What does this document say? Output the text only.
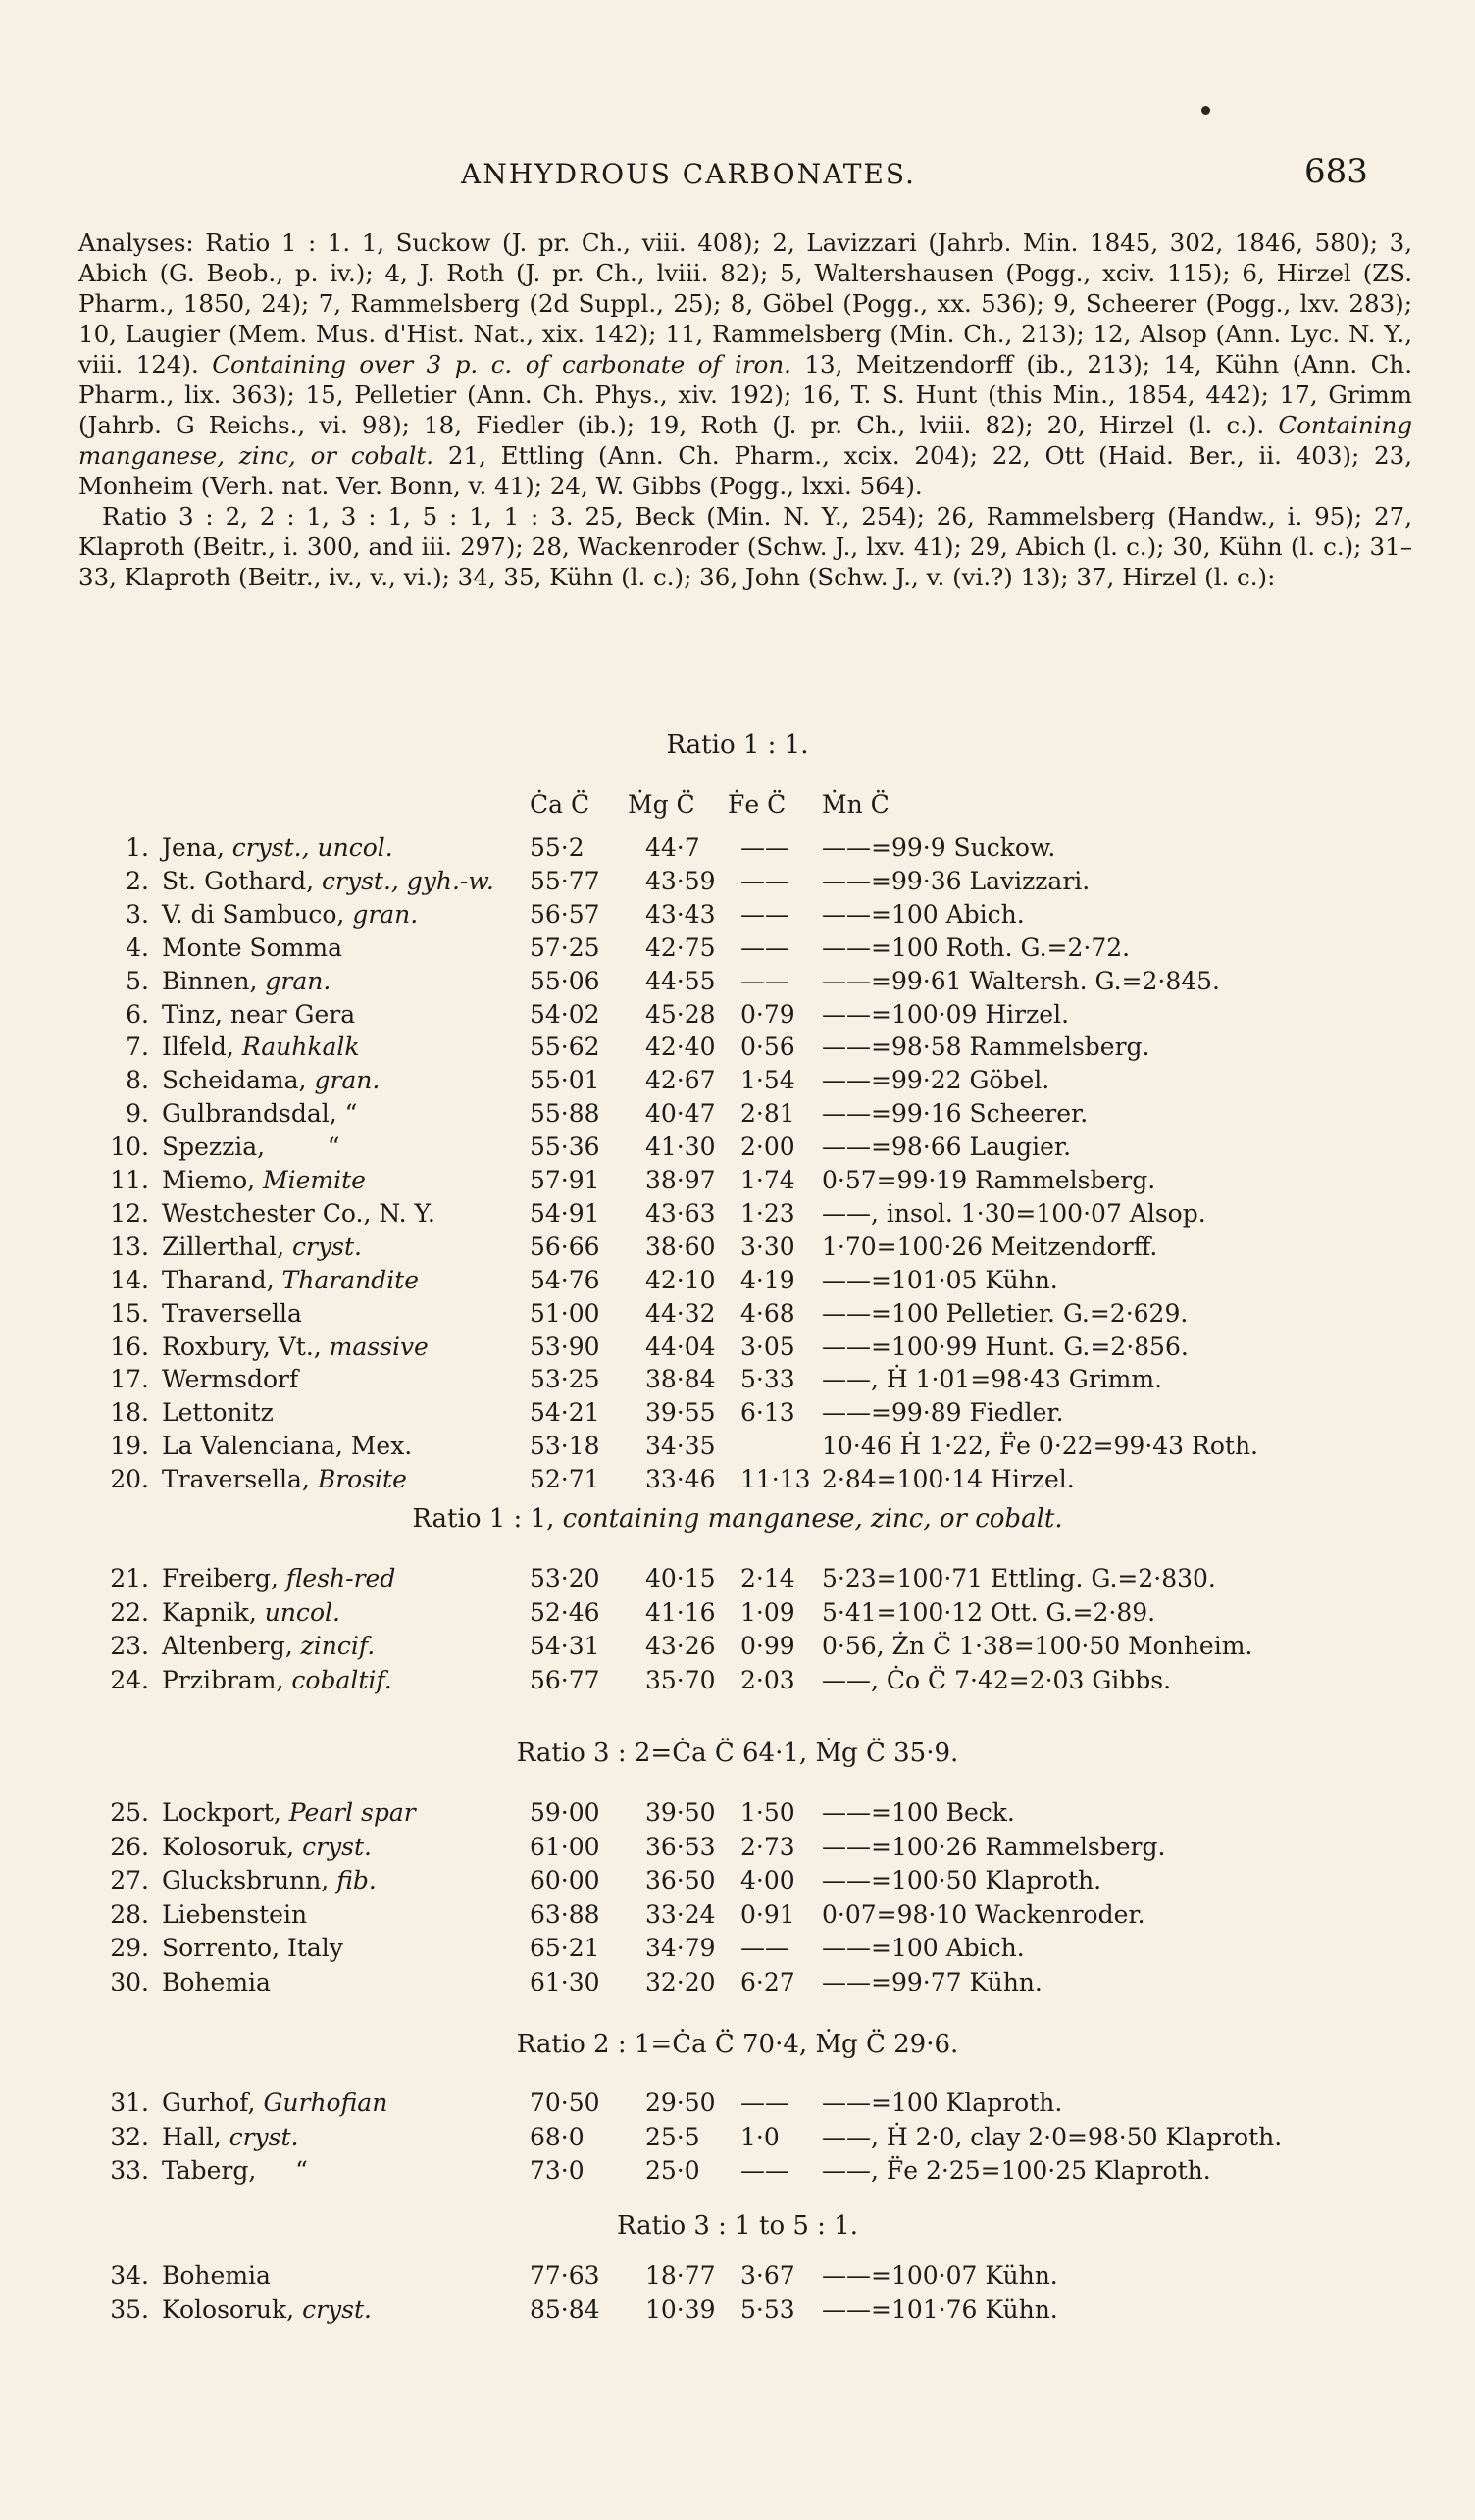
ANHYDROUS CARBONATES.	683

Analyses: Ratio 1 : 1. 1, Suckow (J. pr. Ch., viii. 408); 2, Lavizzari (Jahrb. Min. 1845, 302, 1846, 580); 3, Abich (G. Beob., p. iv.); 4, J. Roth (J. pr. Ch., lviii. 82); 5, Waltershausen (Pogg., xciv. 115); 6, Hirzel (ZS. Pharm., 1850, 24); 7, Rammelsberg (2d Suppl., 25); 8, Göbel (Pogg., xx. 536); 9, Scheerer (Pogg., lxv. 283); 10, Laugier (Mem. Mus. d'Hist. Nat., xix. 142); 11, Rammelsberg (Min. Ch., 213); 12, Alsop (Ann. Lyc. N. Y., viii. 124). Containing over 3 p. c. of carbonate of iron. 13, Meitzendorff (ib., 213); 14, Kühn (Ann. Ch. Pharm., lix. 363); 15, Pelletier (Ann. Ch. Phys., xiv. 192); 16, T. S. Hunt (this Min., 1854, 442); 17, Grimm (Jahrb. G Reichs., vi. 98); 18, Fiedler (ib.); 19, Roth (J. pr. Ch., lviii. 82); 20, Hirzel (l. c.). Containing manganese, zinc, or cobalt. 21, Ettling (Ann. Ch. Pharm., xcix. 204); 22, Ott (Haid. Ber., ii. 403); 23, Monheim (Verh. nat. Ver. Bonn, v. 41); 24, W. Gibbs (Pogg., lxxi. 564).

Ratio 3 : 2, 2 : 1, 3 : 1, 5 : 1, 1 : 3. 25, Beck (Min. N. Y., 254); 26, Rammelsberg (Handw., i. 95); 27, Klaproth (Beitr., i. 300, and iii. 297); 28, Wackenroder (Schw. J., lxv. 41); 29, Abich (l. c.); 30, Kühn (l. c.); 31–33, Klaproth (Beitr., iv., v., vi.); 34, 35, Kühn (l. c.); 36, John (Schw. J., v. (vi.?) 13); 37, Hirzel (l. c.):

Ratio 1 : 1.
Ċa C̈ Ṁg C̈ Ḟe C̈ Ṁn C̈
1. Jena, cryst., uncol.	55·2 44·7 —— ——=99·9 Suckow.
2. St. Gothard, cryst., gyh.-w. 55·77 43·59 —— ——=99·36 Lavizzari.
3. V. di Sambuco, gran.	56·57 43·43 —— ——=100 Abich.
4. Monte Somma	57·25 42·75 —— ——=100 Roth. G.=2·72.
5. Binnen, gran.	55·06 44·55 —— ——=99·61 Waltersh. G.=2·845.
6. Tinz, near Gera	54·02 45·28 0·79 ——=100·09 Hirzel.
7. Ilfeld, Rauhkalk	55·62 42·40 0·56 ——=98·58 Rammelsberg.
8. Scheidama, gran.	55·01 42·67 1·54 ——=99·22 Göbel.
9. Gulbrandsdal, “	55·88 40·47 2·81 ——=99·16 Scheerer.
10. Spezzia,        “	55·36 41·30 2·00 ——=98·66 Laugier.
11. Miemo, Miemite	57·91 38·97 1·74 0·57=99·19 Rammelsberg.
12. Westchester Co., N. Y.	54·91 43·63 1·23 ——, insol. 1·30=100·07 Alsop.
13. Zillerthal, cryst.	56·66 38·60 3·30 1·70=100·26 Meitzendorff.
14. Tharand, Tharandite	54·76 42·10 4·19 ——=101·05 Kühn.
15. Traversella	51·00 44·32 4·68 ——=100 Pelletier. G.=2·629.
16. Roxbury, Vt., massive	53·90 44·04 3·05 ——=100·99 Hunt. G.=2·856.
17. Wermsdorf	53·25 38·84 5·33 ——, Ḣ 1·01=98·43 Grimm.
18. Lettonitz	54·21 39·55 6·13 ——=99·89 Fiedler.
19. La Valenciana, Mex.	53·18 34·35	10·46 Ḣ 1·22, F̈e 0·22=99·43 Roth.
20. Traversella, Brosite	52·71 33·46 11·13 2·84=100·14 Hirzel.
Ratio 1 : 1, containing manganese, zinc, or cobalt.
21. Freiberg, flesh-red	53·20 40·15 2·14 5·23=100·71 Ettling. G.=2·830.
22. Kapnik, uncol.	52·46 41·16 1·09 5·41=100·12 Ott. G.=2·89.
23. Altenberg, zincif.	54·31 43·26 0·99 0·56, Żn C̈ 1·38=100·50 Monheim.
24. Przibram, cobaltif.	56·77 35·70 2·03 ——, Ċo C̈ 7·42=2·03 Gibbs.
Ratio 3 : 2=Ċa C̈ 64·1, Ṁg C̈ 35·9.
25. Lockport, Pearl spar	59·00 39·50 1·50 ——=100 Beck.
26. Kolosoruk, cryst.	61·00 36·53 2·73 ——=100·26 Rammelsberg.
27. Glucksbrunn, fib.	60·00 36·50 4·00 ——=100·50 Klaproth.
28. Liebenstein	63·88 33·24 0·91 0·07=98·10 Wackenroder.
29. Sorrento, Italy	65·21 34·79 —— ——=100 Abich.
30. Bohemia	61·30 32·20 6·27 ——=99·77 Kühn.
Ratio 2 : 1=Ċa C̈ 70·4, Ṁg C̈ 29·6.
31. Gurhof, Gurhofian	70·50 29·50 —— ——=100 Klaproth.
32. Hall, cryst.	68·0 25·5 1·0 ——, Ḣ 2·0, clay 2·0=98·50 Klaproth.
33. Taberg,     “	73·0 25·0 —— ——, F̈e 2·25=100·25 Klaproth.
Ratio 3 : 1 to 5 : 1.
34. Bohemia	77·63 18·77 3·67 ——=100·07 Kühn.
35. Kolosoruk, cryst.	85·84 10·39 5·53 ——=101·76 Kühn.
